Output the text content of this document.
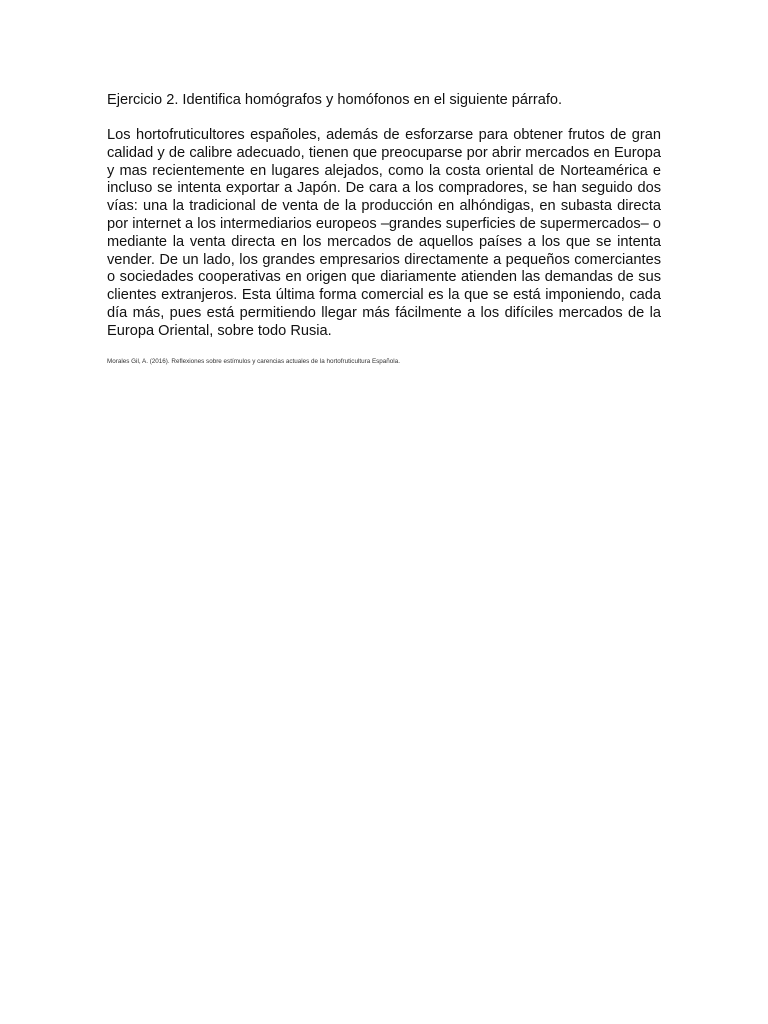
Ejercicio 2. Identifica homógrafos y homófonos en el siguiente párrafo.

Los hortofruticultores españoles, además de esforzarse para obtener frutos de gran calidad y de calibre adecuado, tienen que preocuparse por abrir mercados en Europa y mas recientemente en lugares alejados, como la costa oriental de Norteamérica e incluso se intenta exportar a Japón. De cara a los compradores, se han seguido dos vías: una la tradicional de venta de la producción en alhóndigas, en subasta directa por internet a los intermediarios europeos –grandes superficies de supermercados– o mediante la venta directa en los mercados de aquellos países a los que se intenta vender. De un lado, los grandes empresarios directamente a pequeños comerciantes o sociedades cooperativas en origen que diariamente atienden las demandas de sus clientes extranjeros. Esta última forma comercial es la que se está imponiendo, cada día más, pues está permitiendo llegar más fácilmente a los difíciles mercados de la Europa Oriental, sobre todo Rusia.

Morales Gil, A. (2016). Reflexiones sobre estímulos y carencias actuales de la hortofruticultura Española.
